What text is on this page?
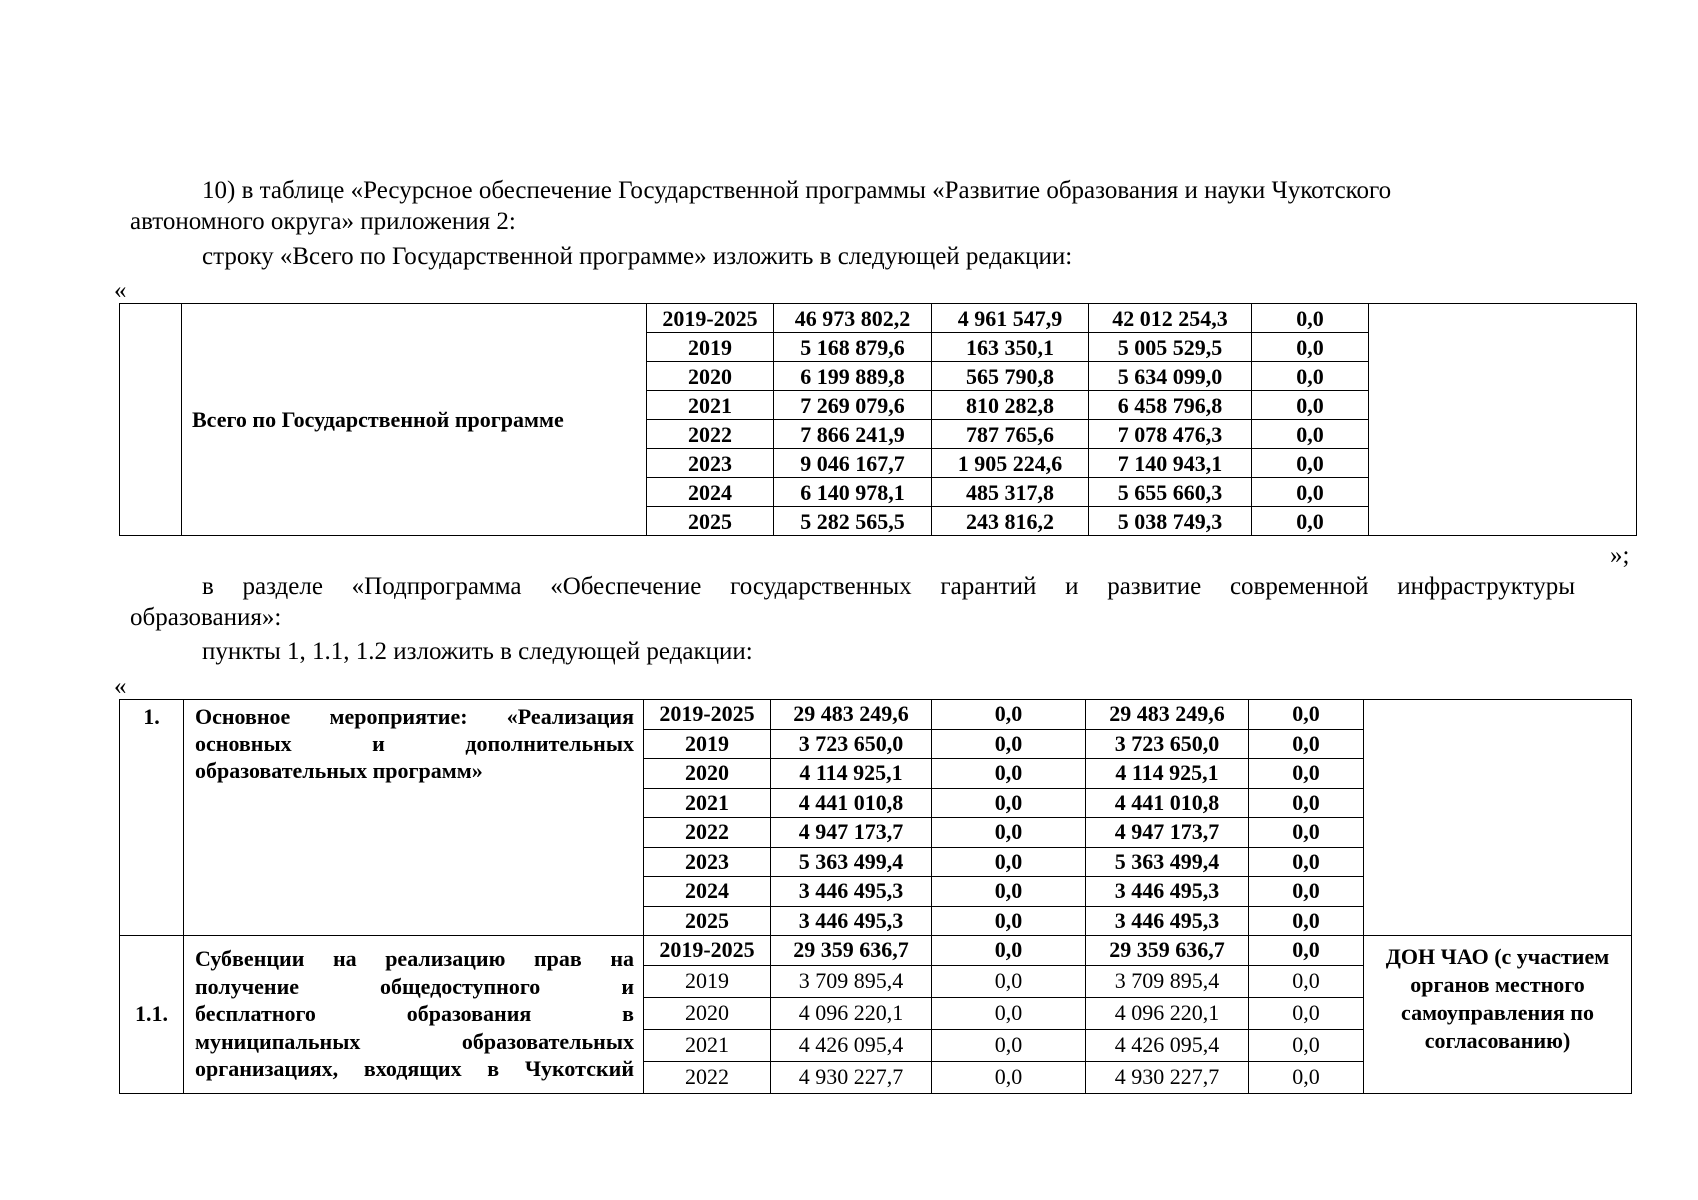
10) в таблице «Ресурсное обеспечение Государственной программы «Развитие образования и науки Чукотского
автономного округа» приложения 2:
строку «Всего по Государственной программе» изложить в следующей редакции:
«
	Всего по Государственной программе	2019-2025	46 973 802,2	4 961 547,9	42 012 254,3	0,0	
		2019	5 168 879,6	163 350,1	5 005 529,5	0,0	
		2020	6 199 889,8	565 790,8	5 634 099,0	0,0	
		2021	7 269 079,6	810 282,8	6 458 796,8	0,0	
		2022	7 866 241,9	787 765,6	7 078 476,3	0,0	
		2023	9 046 167,7	1 905 224,6	7 140 943,1	0,0	
		2024	6 140 978,1	485 317,8	5 655 660,3	0,0	
		2025	5 282 565,5	243 816,2	5 038 749,3	0,0	
»;
в разделе «Подпрограмма «Обеспечение государственных гарантий и развитие современной инфраструктуры
образования»:
пункты 1, 1.1, 1.2 изложить в следующей редакции:
«
1.	Основное мероприятие: «Реализация
основных и дополнительных
образовательных программ»	2019-2025	29 483 249,6	0,0	29 483 249,6	0,0	
		2019	3 723 650,0	0,0	3 723 650,0	0,0	
		2020	4 114 925,1	0,0	4 114 925,1	0,0	
		2021	4 441 010,8	0,0	4 441 010,8	0,0	
		2022	4 947 173,7	0,0	4 947 173,7	0,0	
		2023	5 363 499,4	0,0	5 363 499,4	0,0	
		2024	3 446 495,3	0,0	3 446 495,3	0,0	
		2025	3 446 495,3	0,0	3 446 495,3	0,0	
1.1.	Субвенции на реализацию прав на
получение общедоступного и
бесплатного образования в
муниципальных образовательных
организациях, входящих в Чукотский	2019-2025	29 359 636,7	0,0	29 359 636,7	0,0	ДОН ЧАО (с участием органов местного самоуправления по согласованию)
		2019	3 709 895,4	0,0	3 709 895,4	0,0	
		2020	4 096 220,1	0,0	4 096 220,1	0,0	
		2021	4 426 095,4	0,0	4 426 095,4	0,0	
		2022	4 930 227,7	0,0	4 930 227,7	0,0	
